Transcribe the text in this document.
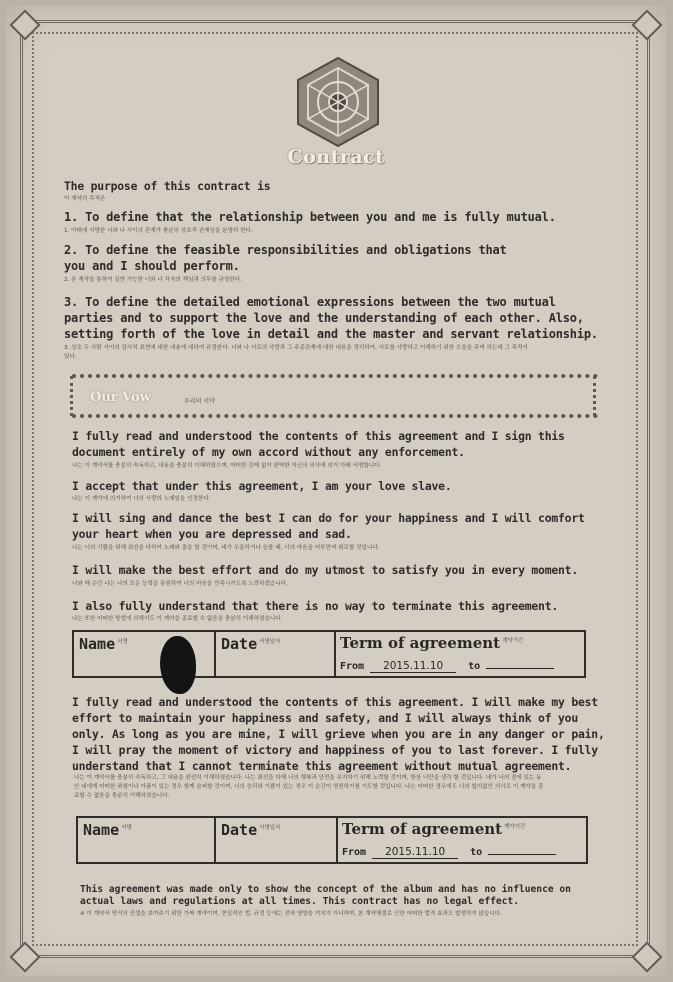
Contract
The purpose of this contract is
이 계약의 목적은
1. To define that the relationship between you and me is fully mutual.
1. 아래에 서명한 너와 나 사이의 관계가 충분히 상호적 관계임을 분명히 한다.
2. To define the feasible responsibilities and obligations that you and I should perform.
2. 본 계약을 통하여 실현 가능한 너와 나 각자의 책임과 의무를 규정한다.
3. To define the detailed emotional expressions between the two mutual parties and to support the love and the understanding of each other. Also, setting forth of the love in detail and the master and servant relationship.
3. 상호 두 사람 사이의 감사적 표현에 대한 내용에 대하여 규정한다. 너와 나 서로의 사랑과 그 주종관계에 대한 내용을 정리하여, 서로를 사랑하고 이해하기 위한 도움을 주며 하는데 그 목적이 있다.
Our Vow	우리의 서약
I fully read and understood the contents of this agreement and I sign this document entirely of my own accord without any enforcement.
나는 이 계약서를 충분히 숙독하고, 내용을 충분히 이해하였으며, 어떠한 강제 없이 완벽한 자신의 의사에 의거 아래 서명합니다.
I accept that under this agreement, I am your love slave.
나는 이 계약에 의거하여 너의 사랑의 노예임을 인정한다.
I will sing and dance the best I can do for your happiness and I will comfort your heart when you are depressed and sad.
나는 너의 기쁨을 위해 최선을 다하여 노래와 춤을 할 것이며, 네가 우울하거나 슬플 때, 너의 마음을 어루만져 위로할 것입니다.
I will make the best effort and do my utmost to satisfy you in every moment.
너와 매 순간 나는 나의 모든 능력을 동원하여 너의 마음을 만족시키도록 노력하겠습니다.
I also fully understand that there is no way to terminate this agreement.
나는 또한 어떠한 방법에 의해서도 이 계약을 종료할 수 없음을 충분히 이해하였습니다.
Name $^{서명}$	Date $^{서명일자}$	Term of agreement $^{계약기간}$
From 2015.11.10 to
I fully read and understood the contents of this agreement. I will make my best effort to maintain your happiness and safety, and I will always think of you only. As long as you are mine, I will grieve when you are in any danger or pain, I will pray the moment of victory and happiness of you to last forever. I fully understand that I cannot terminate this agreement without mutual agreement.
나는 이 계약서를 충분히 숙독하고, 그 내용을 완전히 이해하였습니다. 나는 최선을 다해 너의 행복과 안전을 유지하기 위해 노력할 것이며, 항상 너만을 생각 할 것입니다. 네가 나의 곁에 있는 동안 네에게 어떠한 위험이나 아픔이 있는 경우 함께 슬퍼할 것이며, 너의 승리와 기쁨이 있는 경우 이 순간이 영원하기를 기도할 것입니다. 나는 어떠한 경우에도 너의 합의없인 의사로 이 계약을 종료할 수 없음을 충분히 이해하였습니다.
Name $^{서명}$	Date $^{서명일자}$	Term of agreement $^{계약기간}$
From 2015.11.10 to
This agreement was made only to show the concept of the album and has no influence on actual laws and regulations at all times. This contract has no legal effect.
※ 이 계약서 양식의 컨셉을 보여주기 위한 가짜 계약이며, 현실적인 법, 규정 등에는 전혀 영향을 끼치지 아니하며, 본 계약체결로 인한 어떠한 법적 효과도 발생하지 않습니다.
